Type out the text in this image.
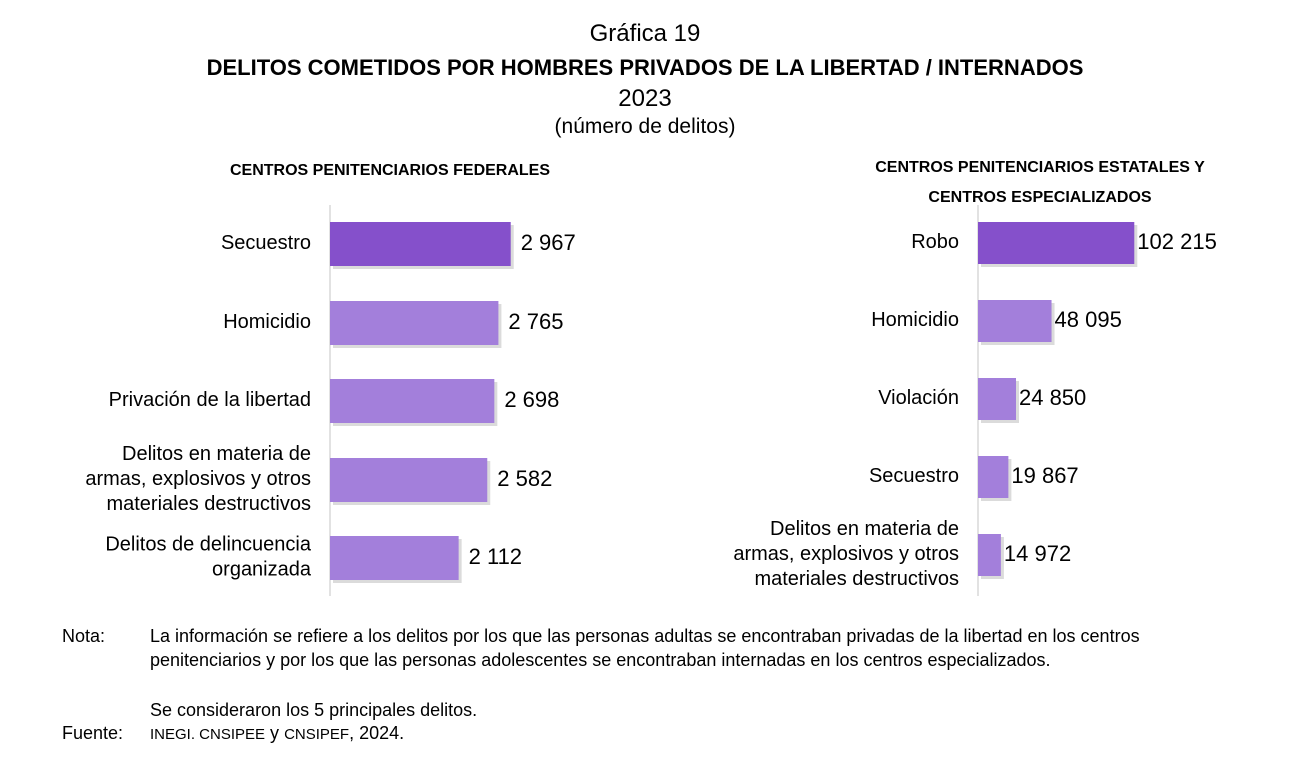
Gráfica 19
DELITOS COMETIDOS POR HOMBRES PRIVADOS DE LA LIBERTAD / INTERNADOS
2023
(número de delitos)
CENTROS PENITENCIARIOS FEDERALES	CENTROS PENITENCIARIOS ESTATALES Y
CENTROS ESPECIALIZADOS
Secuestro	2 967
Homicidio	2 765
Privación de la libertad	2 698
Delitos en materia de armas, explosivos y otros materiales destructivos
2 582
Delitos de delincuencia organizada
2 112
Robo	102 215
Homicidio	48 095
Violación	24 850
Secuestro 19 867
Delitos en materia de armas, explosivos y otros materiales destructivos
14 972
Nota: La información se refiere a los delitos por los que las personas adultas se encontraban privadas de la libertad en los centros penitenciarios y por los que las personas adolescentes se encontraban internadas en los centros especializados.
Se consideraron los 5 principales delitos.
Fuente: INEGI. CNSIPEE y CNSIPEF, 2024.
